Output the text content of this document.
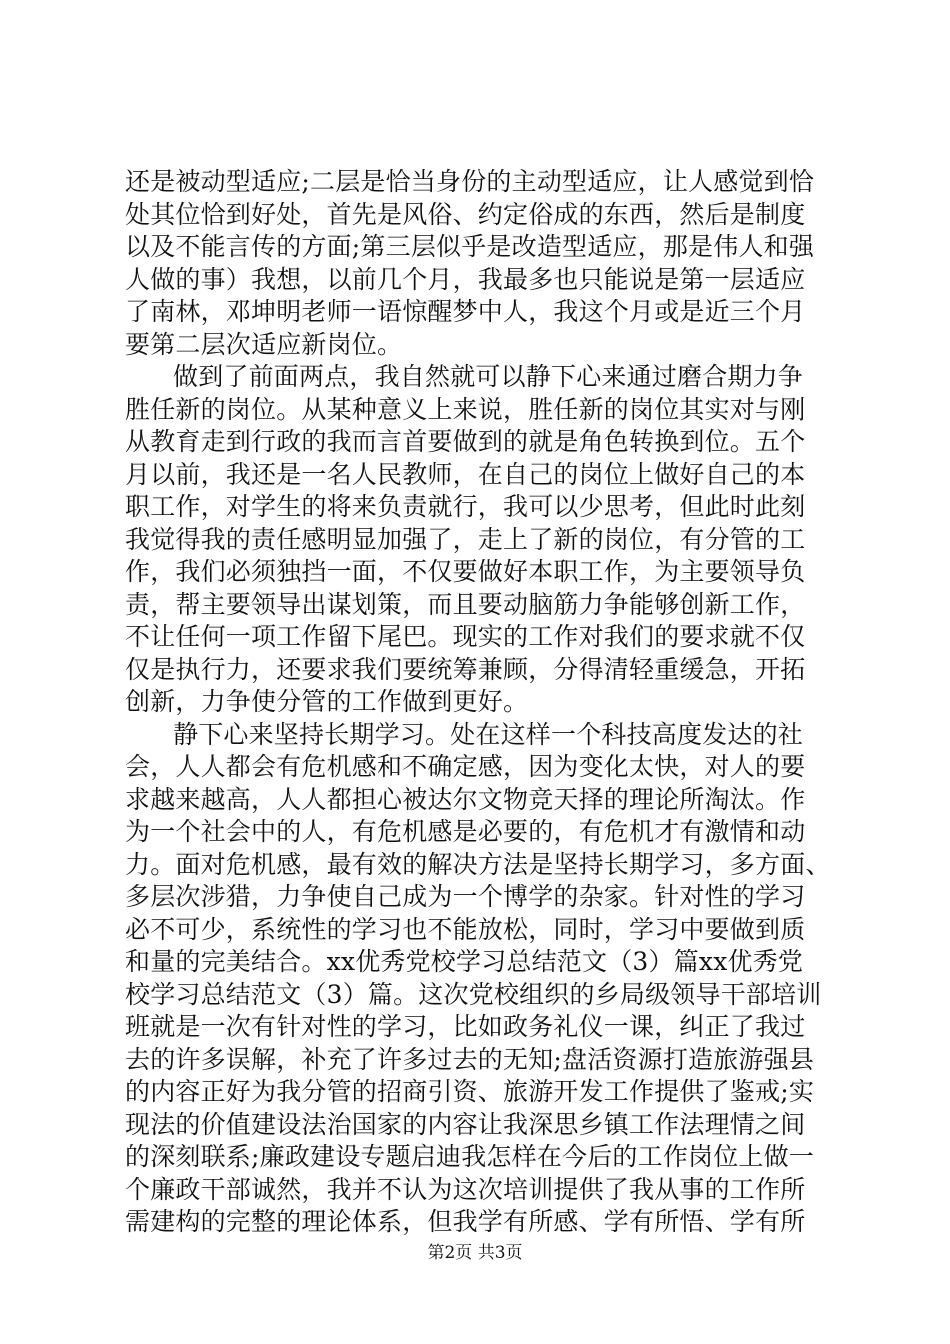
还是被动型适应;二层是恰当身份的主动型适应，让人感觉到恰
处其位恰到好处，首先是风俗、约定俗成的东西，然后是制度
以及不能言传的方面;第三层似乎是改造型适应，那是伟人和强
人做的事）我想，以前几个月，我最多也只能说是第一层适应
了南林，邓坤明老师一语惊醒梦中人，我这个月或是近三个月
要第二层次适应新岗位。
做到了前面两点，我自然就可以静下心来通过磨合期力争
胜任新的岗位。从某种意义上来说，胜任新的岗位其实对与刚
从教育走到行政的我而言首要做到的就是角色转换到位。五个
月以前，我还是一名人民教师，在自己的岗位上做好自己的本
职工作，对学生的将来负责就行，我可以少思考，但此时此刻
我觉得我的责任感明显加强了，走上了新的岗位，有分管的工
作，我们必须独挡一面，不仅要做好本职工作，为主要领导负
责，帮主要领导出谋划策，而且要动脑筋力争能够创新工作，
不让任何一项工作留下尾巴。现实的工作对我们的要求就不仅
仅是执行力，还要求我们要统筹兼顾，分得清轻重缓急，开拓
创新，力争使分管的工作做到更好。
静下心来坚持长期学习。处在这样一个科技高度发达的社
会，人人都会有危机感和不确定感，因为变化太快，对人的要
求越来越高，人人都担心被达尔文物竞天择的理论所淘汰。作
为一个社会中的人，有危机感是必要的，有危机才有激情和动
力。面对危机感，最有效的解决方法是坚持长期学习，多方面、
多层次涉猎，力争使自己成为一个博学的杂家。针对性的学习
必不可少，系统性的学习也不能放松，同时，学习中要做到质
和量的完美结合。xx优秀党校学习总结范文（3）篇xx优秀党
校学习总结范文（3）篇。这次党校组织的乡局级领导干部培训
班就是一次有针对性的学习，比如政务礼仪一课，纠正了我过
去的许多误解，补充了许多过去的无知;盘活资源打造旅游强县
的内容正好为我分管的招商引资、旅游开发工作提供了鉴戒;实
现法的价值建设法治国家的内容让我深思乡镇工作法理情之间
的深刻联系;廉政建设专题启迪我怎样在今后的工作岗位上做一
个廉政干部诚然，我并不认为这次培训提供了我从事的工作所
需建构的完整的理论体系，但我学有所感、学有所悟、学有所
第2页 共3页
